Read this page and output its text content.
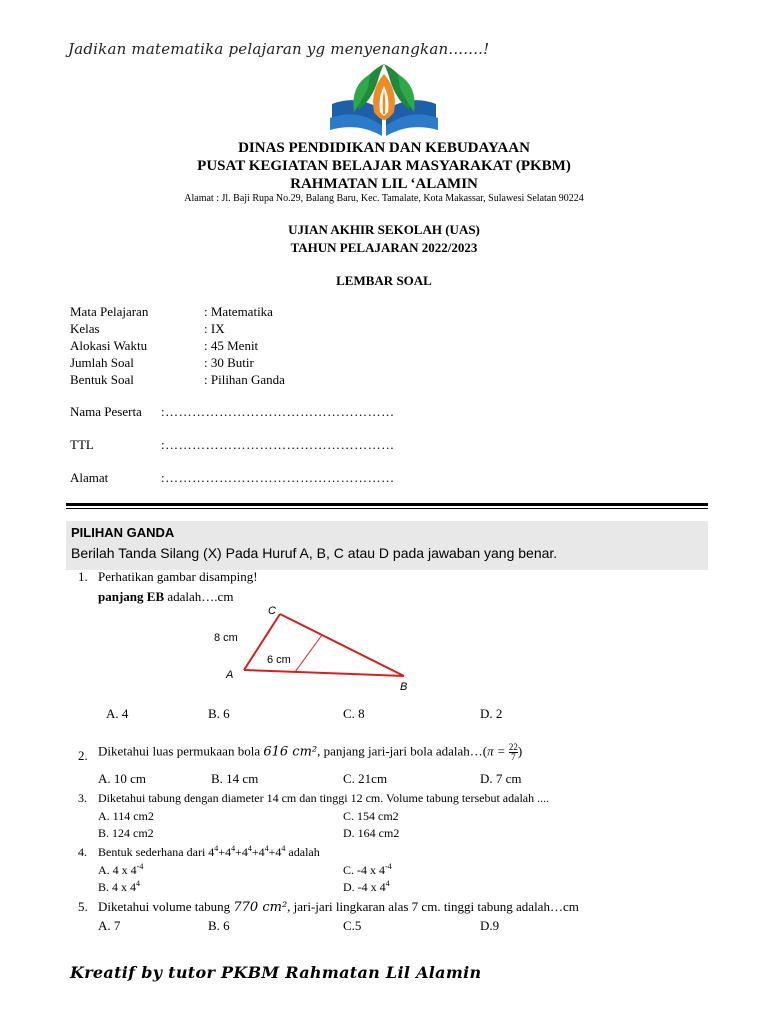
Jadikan matematika pelajaran yg menyenangkan.......!
DINAS PENDIDIKAN DAN KEBUDAYAAN
PUSAT KEGIATAN BELAJAR MASYARAKAT (PKBM)
RAHMATAN LIL ‘ALAMIN
Alamat : Jl. Baji Rupa No.29, Balang Baru, Kec. Tamalate, Kota Makassar, Sulawesi Selatan 90224
UJIAN AKHIR SEKOLAH (UAS)
TAHUN PELAJARAN 2022/2023
LEMBAR SOAL
Mata Pelajaran	: Matematika
Kelas	: IX
Alokasi Waktu	: 45 Menit
Jumlah Soal	: 30 Butir
Bentuk Soal	: Pilihan Ganda
Nama Peserta :……………………………………………
TTL	:……………………………………………
Alamat	:……………………………………………
PILIHAN GANDA
Berilah Tanda Silang (X) Pada Huruf A, B, C atau D pada jawaban yang benar.
1. Perhatikan gambar disamping!
panjang EB adalah….cm
C
A
B
8 cm
6 cm
A. 4	B. 6	C. 8	D. 2
2. Diketahui luas permukaan bola 616 cm², panjang jari-jari bola adalah…(π = $\frac{22}{7}$ )
A. 10 cm	B. 14 cm	C. 21cm	D. 7 cm
3. Diketahui tabung dengan diameter 14 cm dan tinggi 12 cm. Volume tabung tersebut adalah ....
A. 114 cm2	C. 154 cm2
B. 124 cm2	D. 164 cm2
4. Bentuk sederhana dari $4^4+4^4+4^4+4^4+4^4$ adalah
A. 4 x $4^{-4}$	C. -4 x $4^{-4}$
B. 4 x $4^4$	D. -4 x $4^4$
5. Diketahui volume tabung 770 cm², jari-jari lingkaran alas 7 cm. tinggi tabung adalah…cm
A. 7	B. 6	C.5	D.9
Kreatif by tutor PKBM Rahmatan Lil Alamin
